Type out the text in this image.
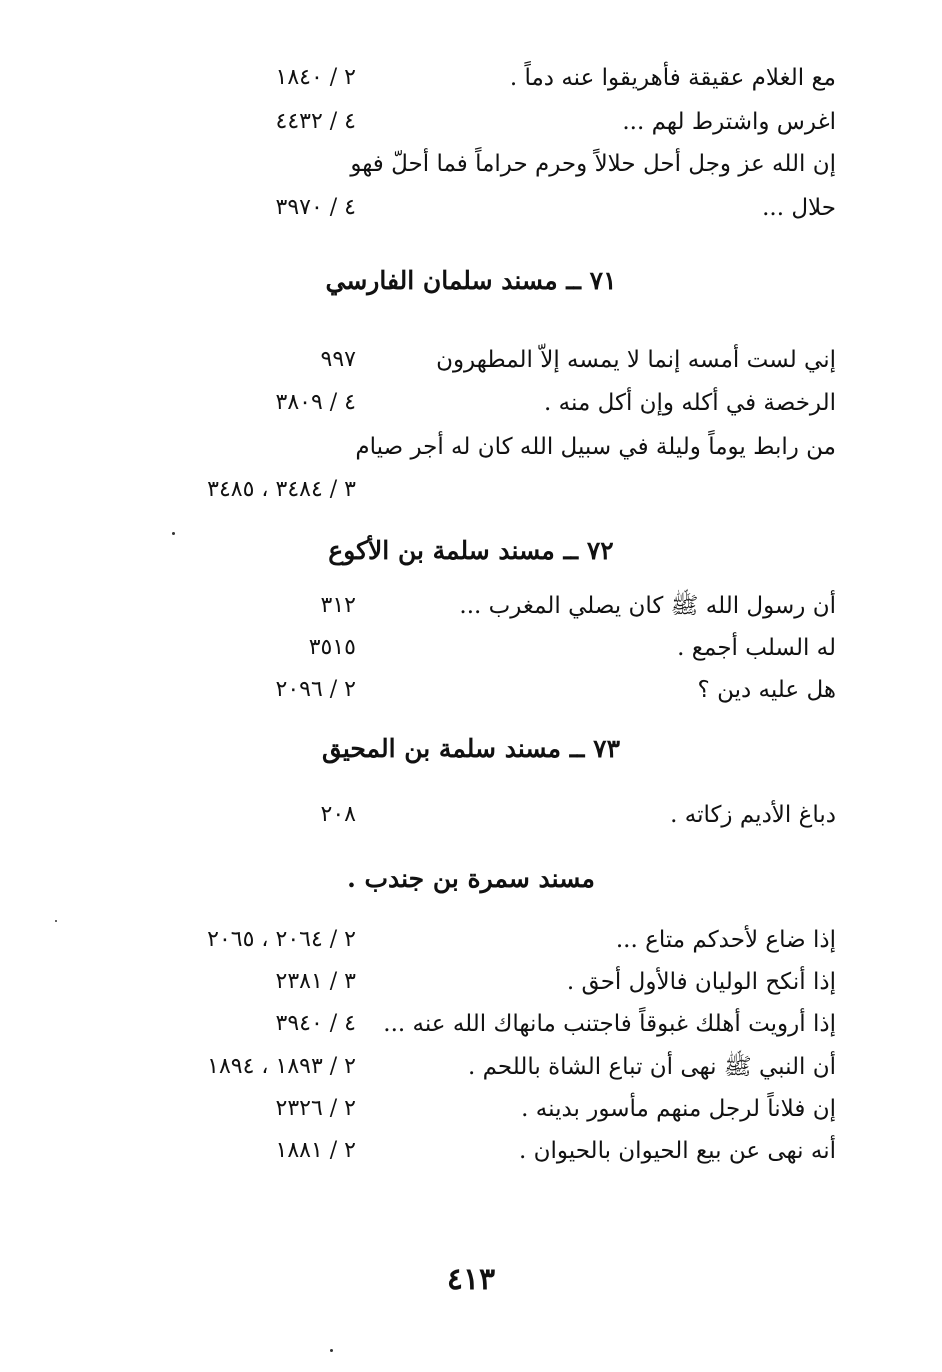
مع الغلام عقيقة فأهريقوا عنه دماً .
٢ / ١٨٤٠
اغرس واشترط لهم ...
٤ / ٤٤٣٢
إن الله عز وجل أحل حلالاً وحرم حراماً فما أحلّ فهو
حلال ...
٤ / ٣٩٧٠
٧١ ــ مسند سلمان الفارسي
إني لست أمسه إنما لا يمسه إلاّ المطهرون
٩٩٧
الرخصة في أكله وإن أكل منه .
٤ / ٣٨٠٩
من رابط يوماً وليلة في سبيل الله كان له أجر صيام
٣ / ٣٤٨٤ ، ٣٤٨٥
٧٢ ــ مسند سلمة بن الأكوع
أن رسول الله ﷺ كان يصلي المغرب ...
٣١٢
له السلب أجمع .
٣٥١٥
هل عليه دين ؟
٢ / ٢٠٩٦
٧٣ ــ مسند سلمة بن المحيق
دباغ الأديم زكاته .
٢٠٨
مسند سمرة بن جندب .
إذا ضاع لأحدكم متاع ...
٢ / ٢٠٦٤ ، ٢٠٦٥
إذا أنكح الوليان فالأول أحق .
٣ / ٢٣٨١
إذا أرويت أهلك غبوقاً فاجتنب مانهاك الله عنه ...
٤ / ٣٩٤٠
أن النبي ﷺ نهى أن تباع الشاة باللحم .
٢ / ١٨٩٣ ، ١٨٩٤
إن فلاناً لرجل منهم مأسور بدينه .
٢ / ٢٣٢٦
أنه نهى عن بيع الحيوان بالحيوان .
٢ / ١٨٨١
٤١٣
